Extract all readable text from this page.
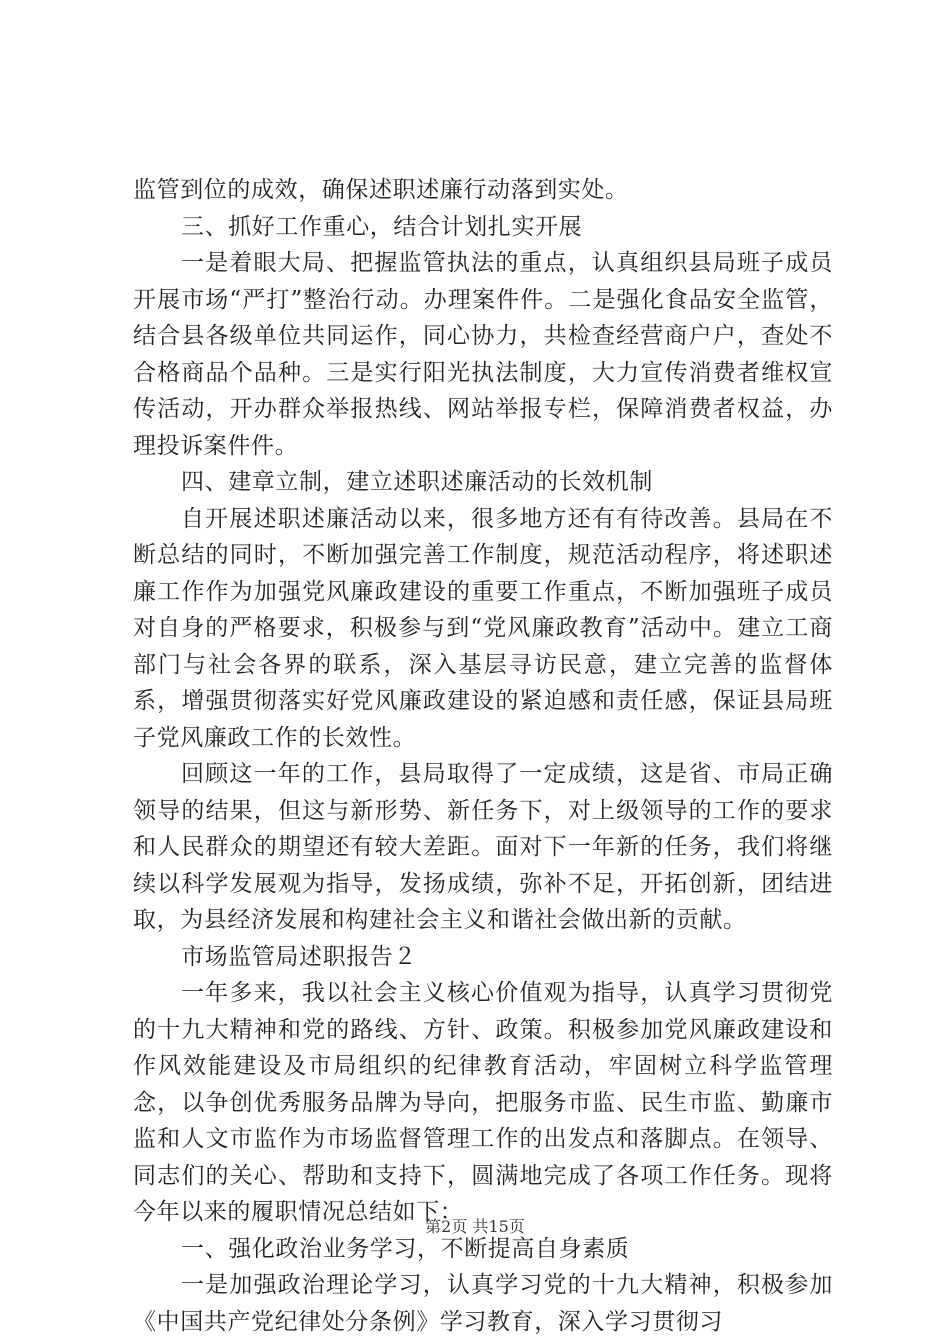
监管到位的成效，确保述职述廉行动落到实处。

三、抓好工作重心，结合计划扎实开展

一是着眼大局、把握监管执法的重点，认真组织县局班子成员开展市场“严打”整治行动。办理案件件。二是强化食品安全监管，结合县各级单位共同运作，同心协力，共检查经营商户户，查处不合格商品个品种。三是实行阳光执法制度，大力宣传消费者维权宣传活动，开办群众举报热线、网站举报专栏，保障消费者权益，办理投诉案件件。

四、建章立制，建立述职述廉活动的长效机制

自开展述职述廉活动以来，很多地方还有有待改善。县局在不断总结的同时，不断加强完善工作制度，规范活动程序，将述职述廉工作作为加强党风廉政建设的重要工作重点，不断加强班子成员对自身的严格要求，积极参与到“党风廉政教育”活动中。建立工商部门与社会各界的联系，深入基层寻访民意，建立完善的监督体系，增强贯彻落实好党风廉政建设的紧迫感和责任感，保证县局班子党风廉政工作的长效性。

回顾这一年的工作，县局取得了一定成绩，这是省、市局正确领导的结果，但这与新形势、新任务下，对上级领导的工作的要求和人民群众的期望还有较大差距。面对下一年新的任务，我们将继续以科学发展观为指导，发扬成绩，弥补不足，开拓创新，团结进取，为县经济发展和构建社会主义和谐社会做出新的贡献。

市场监管局述职报告２

一年多来，我以社会主义核心价值观为指导，认真学习贯彻党的十九大精神和党的路线、方针、政策。积极参加党风廉政建设和作风效能建设及市局组织的纪律教育活动，牢固树立科学监管理念，以争创优秀服务品牌为导向，把服务市监、民生市监、勤廉市监和人文市监作为市场监督管理工作的出发点和落脚点。在领导、同志们的关心、帮助和支持下，圆满地完成了各项工作任务。现将今年以来的履职情况总结如下：

一、强化政治业务学习，不断提高自身素质

一是加强政治理论学习，认真学习党的十九大精神，积极参加《中国共产党纪律处分条例》学习教育，深入学习贯彻习

第2页 共15页
